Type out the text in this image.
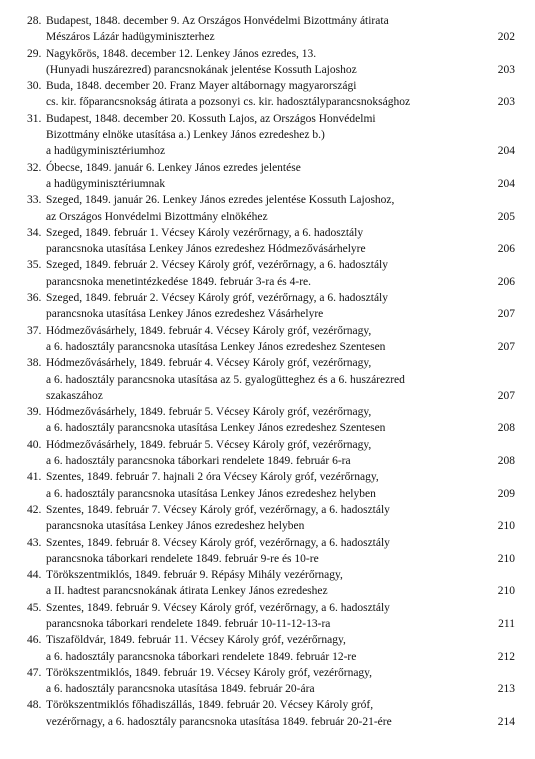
28. Budapest, 1848. december 9. Az Országos Honvédelmi Bizottmány átirata
Mészáros Lázár hadügyminiszterhez	202
29. Nagykőrös, 1848. december 12. Lenkey János ezredes, 13.
(Hunyadi huszárezred) parancsnokának jelentése Kossuth Lajoshoz	203
30. Buda, 1848. december 20. Franz Mayer altábornagy magyarországi
cs. kir. főparancsnokság átirata a pozsonyi cs. kir. hadosztályparancsnoksághoz	203
31. Budapest, 1848. december 20. Kossuth Lajos, az Országos Honvédelmi
Bizottmány elnöke utasítása a.) Lenkey János ezredeshez b.)
a hadügyminisztériumhoz	204
32. Óbecse, 1849. január 6. Lenkey János ezredes jelentése
a hadügyminisztériumnak	204
33. Szeged, 1849. január 26. Lenkey János ezredes jelentése Kossuth Lajoshoz,
az Országos Honvédelmi Bizottmány elnökéhez	205
34. Szeged, 1849. február 1. Vécsey Károly vezérőrnagy, a 6. hadosztály
parancsnoka utasítása Lenkey János ezredeshez Hódmezővásárhelyre	206
35. Szeged, 1849. február 2. Vécsey Károly gróf, vezérőrnagy, a 6. hadosztály
parancsnoka menetintézkedése 1849. február 3-ra és 4-re.	206
36. Szeged, 1849. február 2. Vécsey Károly gróf, vezérőrnagy, a 6. hadosztály
parancsnoka utasítása Lenkey János ezredeshez Vásárhelyre	207
37. Hódmezővásárhely, 1849. február 4. Vécsey Károly gróf, vezérőrnagy,
a 6. hadosztály parancsnoka utasítása Lenkey János ezredeshez Szentesen	207
38. Hódmezővásárhely, 1849. február 4. Vécsey Károly gróf, vezérőrnagy,
a 6. hadosztály parancsnoka utasítása az 5. gyalogütteghez és a 6. huszárezred
szakaszához	207
39. Hódmezővásárhely, 1849. február 5. Vécsey Károly gróf, vezérőrnagy,
a 6. hadosztály parancsnoka utasítása Lenkey János ezredeshez Szentesen	208
40. Hódmezővásárhely, 1849. február 5. Vécsey Károly gróf, vezérőrnagy,
a 6. hadosztály parancsnoka táborkari rendelete 1849. február 6-ra	208
41. Szentes, 1849. február 7. hajnali 2 óra Vécsey Károly gróf, vezérőrnagy,
a 6. hadosztály parancsnoka utasítása Lenkey János ezredeshez helyben	209
42. Szentes, 1849. február 7. Vécsey Károly gróf, vezérőrnagy, a 6. hadosztály
parancsnoka utasítása Lenkey János ezredeshez helyben	210
43. Szentes, 1849. február 8. Vécsey Károly gróf, vezérőrnagy, a 6. hadosztály
parancsnoka táborkari rendelete 1849. február 9-re és 10-re	210
44. Törökszentmiklós, 1849. február 9. Répásy Mihály vezérőrnagy,
a II. hadtest parancsnokának átirata Lenkey János ezredeshez	210
45. Szentes, 1849. február 9. Vécsey Károly gróf, vezérőrnagy, a 6. hadosztály
parancsnoka táborkari rendelete 1849. február 10-11-12-13-ra	211
46. Tiszaföldvár, 1849. február 11. Vécsey Károly gróf, vezérőrnagy,
a 6. hadosztály parancsnoka táborkari rendelete 1849. február 12-re	212
47. Törökszentmiklós, 1849. február 19. Vécsey Károly gróf, vezérőrnagy,
a 6. hadosztály parancsnoka utasítása 1849. február 20-ára	213
48. Törökszentmiklós főhadiszállás, 1849. február 20. Vécsey Károly gróf,
vezérőrnagy, a 6. hadosztály parancsnoka utasítása 1849. február 20-21-ére	214
